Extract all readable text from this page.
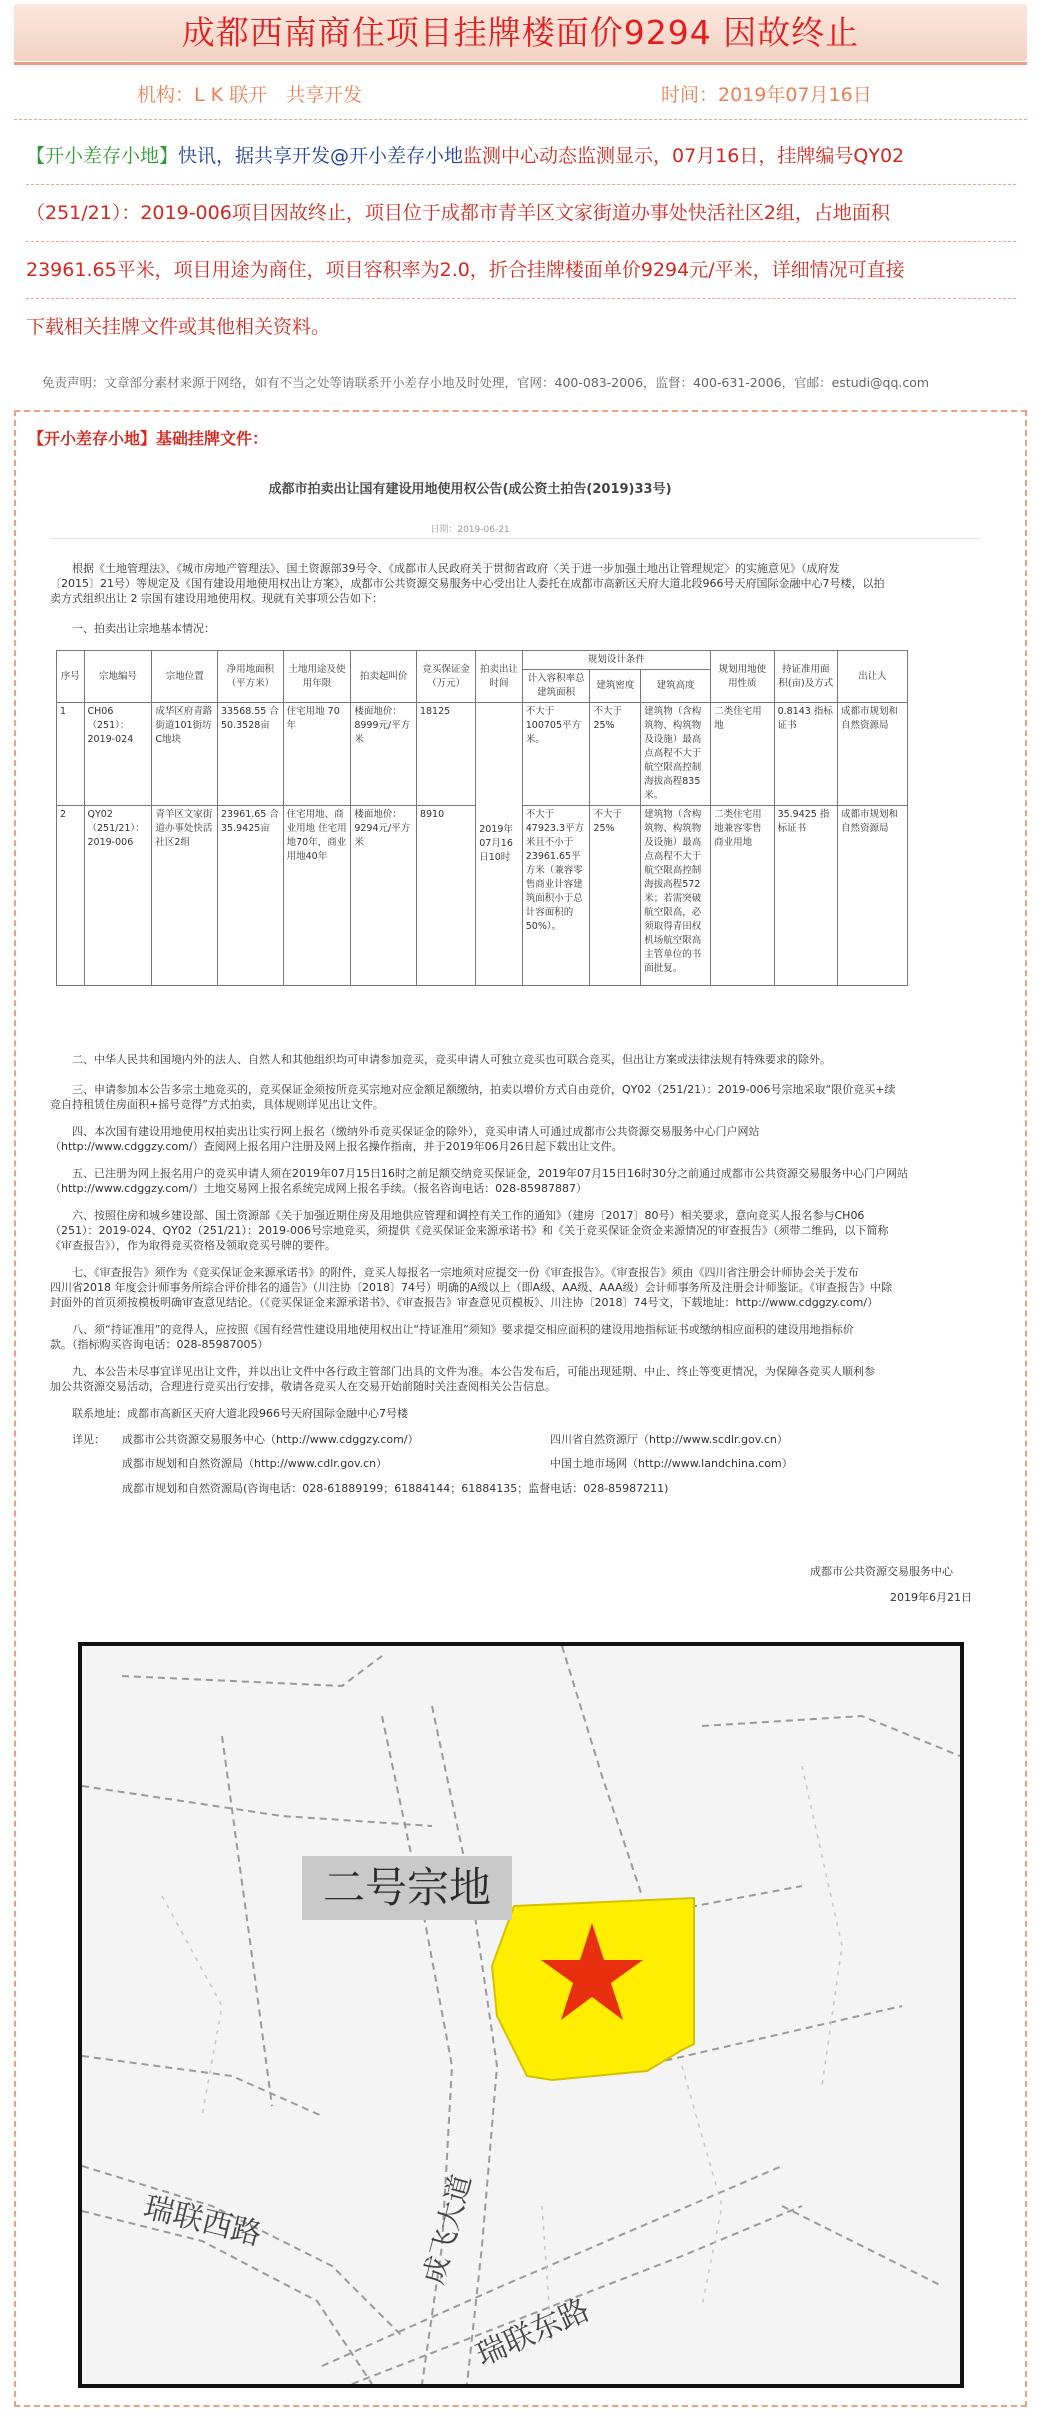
成都西南商住项目挂牌楼面价9294 因故终止
机构：L K 联开　共享开发	时间：2019年07月16日
【开小差存小地】快讯，据共享开发@开小差存小地监测中心动态监测显示，07月16日，挂牌编号QY02
（251/21）：2019-006项目因故终止，项目位于成都市青羊区文家街道办事处快活社区2组，占地面积
23961.65平米，项目用途为商住，项目容积率为2.0，折合挂牌楼面单价9294元/平米，详细情况可直接
下载相关挂牌文件或其他相关资料。
免责声明：文章部分素材来源于网络，如有不当之处等请联系开小差存小地及时处理，官网：400-083-2006，监督：400-631-2006，官邮：estudi@qq.com
【开小差存小地】基础挂牌文件：
成都市拍卖出让国有建设用地使用权公告(成公资土拍告(2019)33号)
日期：2019-06-21

根据《土地管理法》、《城市房地产管理法》、国土资源部39号令、《成都市人民政府关于贯彻省政府〈关于进一步加强土地出让管理规定〉的实施意见》（成府发

〔2015〕21号）等规定及《国有建设用地使用权出让方案》，成都市公共资源交易服务中心受出让人委托在成都市高新区天府大道北段966号天府国际金融中心7号楼，以拍

卖方式组织出让 2 宗国有建设用地使用权。现就有关事项公告如下：

一、拍卖出让宗地基本情况：

序号	宗地编号	宗地位置	净用地面积（平方米）	土地用途及使用年限	拍卖起叫价	竞买保证金（万元）	拍卖出让时间	规划设计条件			规划用地使用性质	持证准用面积(亩)及方式	出让人
								计入容积率总建筑面积	建筑密度	建筑高度			
1	CH06（251）：2019-024	成华区府青路街道101街坊C地块	33568.55 合50.3528亩	住宅用地 70年	楼面地价：8999元/平方米	18125	2019年07月16日10时	不大于100705平方米。	不大于25%	建筑物（含构筑物、构筑物及设施）最高点高程不大于航空限高控制海拔高程835米。	二类住宅用地	0.8143 指标证书	成都市规划和自然资源局
2	QY02（251/21）：2019-006	青羊区文家街道办事处快活社区2组	23961.65 合35.9425亩	住宅用地、商业用地 住宅用地70年，商业用地40年	楼面地价：9294元/平方米	8910		不大于47923.3平方米且不小于23961.65平方米（兼容零售商业计容建筑面积小于总计容面积的50%）。	不大于25%	建筑物（含构筑物、构筑物及设施）最高点高程不大于航空限高控制海拔高程572米；若需突破航空限高，必须取得青田权机场航空限高主管单位的书面批复。	二类住宅用地兼容零售商业用地	35.9425 指标证书	成都市规划和自然资源局

二、中华人民共和国境内外的法人、自然人和其他组织均可申请参加竞买，竞买申请人可独立竞买也可联合竞买，但出让方案或法律法规有特殊要求的除外。

三、申请参加本公告多宗土地竞买的，竞买保证金须按所竞买宗地对应金额足额缴纳，拍卖以增价方式自由竞价，QY02（251/21）：2019-006号宗地采取“限价竞买+续

竞自持租赁住房面积+摇号竞得”方式拍卖，具体规则详见出让文件。

四、本次国有建设用地使用权拍卖出让实行网上报名（缴纳外币竞买保证金的除外），竞买申请人可通过成都市公共资源交易服务中心门户网站

（http://www.cdggzy.com/）查阅网上报名用户注册及网上报名操作指南，并于2019年06月26日起下载出让文件。

五、已注册为网上报名用户的竞买申请人须在2019年07月15日16时之前足额交纳竞买保证金，2019年07月15日16时30分之前通过成都市公共资源交易服务中心门户网站

（http://www.cdggzy.com/）土地交易网上报名系统完成网上报名手续。（报名咨询电话：028-85987887）

六、按照住房和城乡建设部、国土资源部《关于加强近期住房及用地供应管理和调控有关工作的通知》（建房〔2017〕80号）相关要求，意向竞买人报名参与CH06

（251）：2019-024、QY02（251/21）：2019-006号宗地竞买，须提供《竞买保证金来源承诺书》和《关于竞买保证金资金来源情况的审查报告》（须带二维码，以下简称

《审查报告》），作为取得竞买资格及领取竞买号牌的要件。

七、《审查报告》须作为《竞买保证金来源承诺书》的附件，竞买人每报名一宗地须对应提交一份《审查报告》。《审查报告》须由《四川省注册会计师协会关于发布

四川省2018 年度会计师事务所综合评价排名的通告》（川注协〔2018〕74号）明确的A级以上（即A级、AA级、AAA级）会计师事务所及注册会计师鉴证。《审查报告》中除

封面外的首页须按模板明确审查意见结论。（《竞买保证金来源承诺书》、《审查报告》审查意见页模板》、川注协〔2018〕74号文，下载地址：http://www.cdggzy.com/）

八、须“持证准用”的竞得人，应按照《国有经营性建设用地使用权出让“持证准用”须知》要求提交相应面积的建设用地指标证书或缴纳相应面积的建设用地指标价

款。（指标购买咨询电话：028-85987005）

九、本公告未尽事宜详见出让文件，并以出让文件中各行政主管部门出具的文件为准。本公告发布后，可能出现延期、中止、终止等变更情况，为保障各竞买人顺利参

加公共资源交易活动，合理进行竞买出行安排，敬请各竞买人在交易开始前随时关注查阅相关公告信息。

联系地址：成都市高新区天府大道北段966号天府国际金融中心7号楼
详见： 成都市公共资源交易服务中心（http://www.cdggzy.com/）	四川省自然资源厅（http://www.scdlr.gov.cn）
成都市规划和自然资源局（http://www.cdlr.gov.cn）	中国土地市场网（http://www.landchina.com）
成都市规划和自然资源局(咨询电话：028-61889199；61884144；61884135；监督电话：028-85987211)
成都市公共资源交易服务中心
2019年6月21日
瑞联西路
瑞联东路
成飞大道
二号宗地
